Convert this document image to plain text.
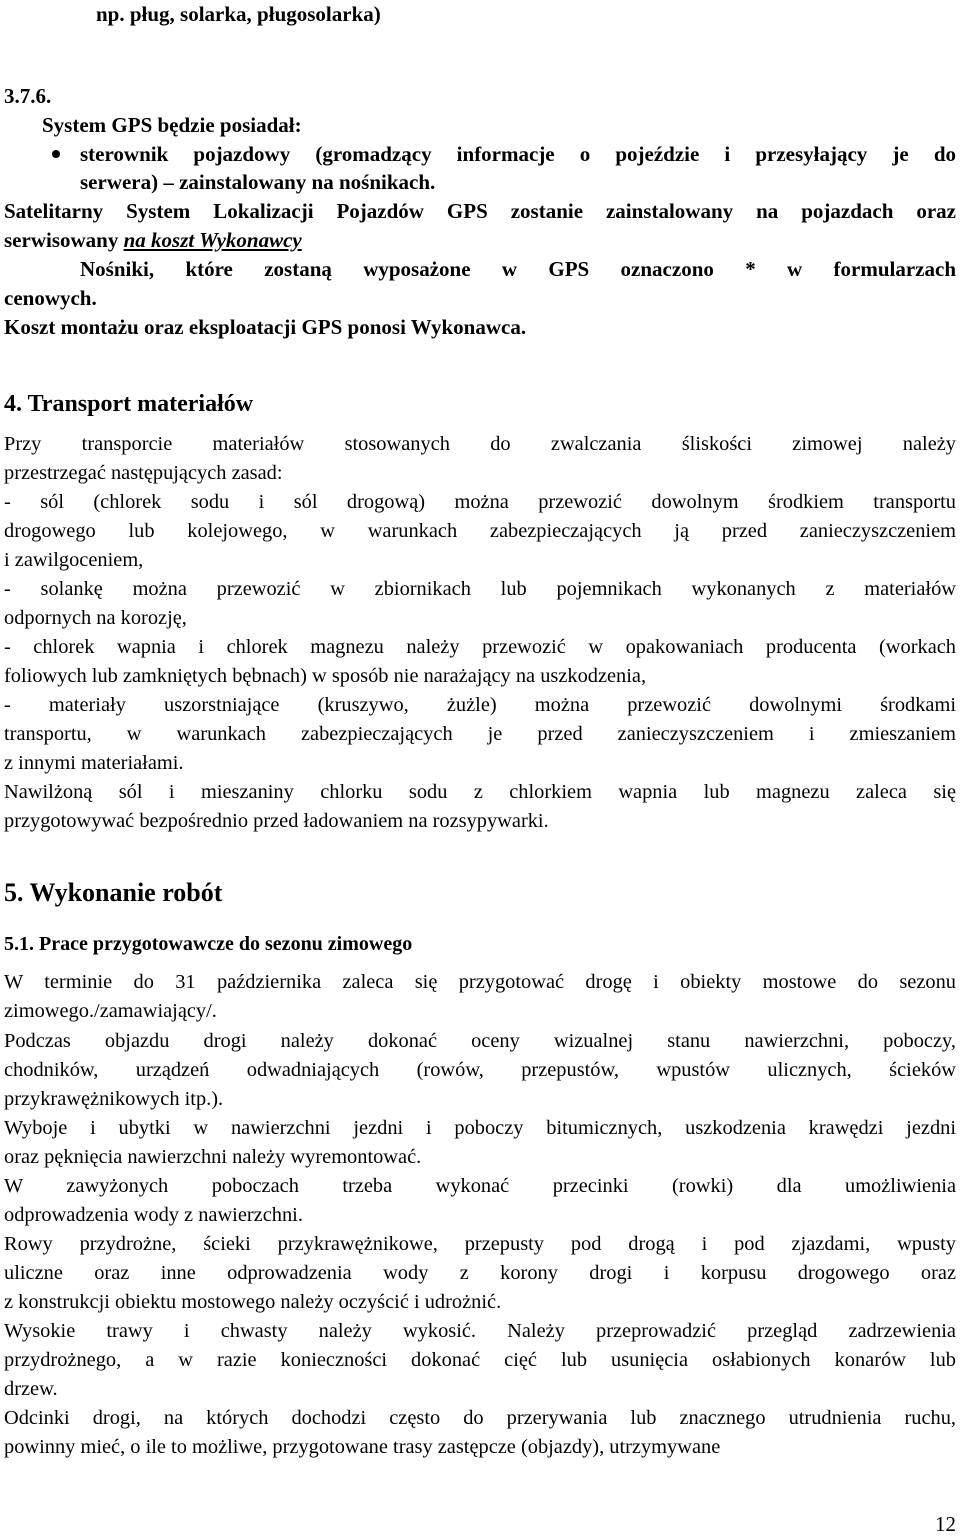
np. pług, solarka, pługosolarka)
3.7.6.
System GPS będzie posiadał:
sterownik pojazdowy (gromadzący informacje o pojeździe i przesyłający je do
serwera) – zainstalowany na nośnikach.
Satelitarny System Lokalizacji Pojazdów GPS zostanie zainstalowany na pojazdach oraz
serwisowany na koszt Wykonawcy
Nośniki, które zostaną wyposażone w GPS oznaczono * w formularzach
cenowych.
Koszt montażu oraz eksploatacji GPS ponosi Wykonawca.
4. Transport materiałów
Przy transporcie materiałów stosowanych do zwalczania śliskości zimowej należy
przestrzegać następujących zasad:
- sól (chlorek sodu i sól drogową) można przewozić dowolnym środkiem transportu
drogowego lub kolejowego, w warunkach zabezpieczających ją przed zanieczyszczeniem
i zawilgoceniem,
- solankę można przewozić w zbiornikach lub pojemnikach wykonanych z materiałów
odpornych na korozję,
- chlorek wapnia i chlorek magnezu należy przewozić w opakowaniach producenta (workach
foliowych lub zamkniętych bębnach) w sposób nie narażający na uszkodzenia,
- materiały uszorstniające (kruszywo, żużle) można przewozić dowolnymi środkami
transportu, w warunkach zabezpieczających je przed zanieczyszczeniem i zmieszaniem
z innymi materiałami.
Nawilżoną sól i mieszaniny chlorku sodu z chlorkiem wapnia lub magnezu zaleca się
przygotowywać bezpośrednio przed ładowaniem na rozsypywarki.
5. Wykonanie robót
5.1. Prace przygotowawcze do sezonu zimowego
W terminie do 31 października zaleca się przygotować drogę i obiekty mostowe do sezonu
zimowego./zamawiający/.
Podczas objazdu drogi należy dokonać oceny wizualnej stanu nawierzchni, poboczy,
chodników, urządzeń odwadniających (rowów, przepustów, wpustów ulicznych, ścieków
przykrawężnikowych itp.).
Wyboje i ubytki w nawierzchni jezdni i poboczy bitumicznych, uszkodzenia krawędzi jezdni
oraz pęknięcia nawierzchni należy wyremontować.
W zawyżonych poboczach trzeba wykonać przecinki (rowki) dla umożliwienia
odprowadzenia wody z nawierzchni.
Rowy przydrożne, ścieki przykrawężnikowe, przepusty pod drogą i pod zjazdami, wpusty
uliczne oraz inne odprowadzenia wody z korony drogi i korpusu drogowego oraz
z konstrukcji obiektu mostowego należy oczyścić i udrożnić.
Wysokie trawy i chwasty należy wykosić. Należy przeprowadzić przegląd zadrzewienia
przydrożnego, a w razie konieczności dokonać cięć lub usunięcia osłabionych konarów lub
drzew.
Odcinki drogi, na których dochodzi często do przerywania lub znacznego utrudnienia ruchu,
powinny mieć, o ile to możliwe, przygotowane trasy zastępcze (objazdy), utrzymywane
12
